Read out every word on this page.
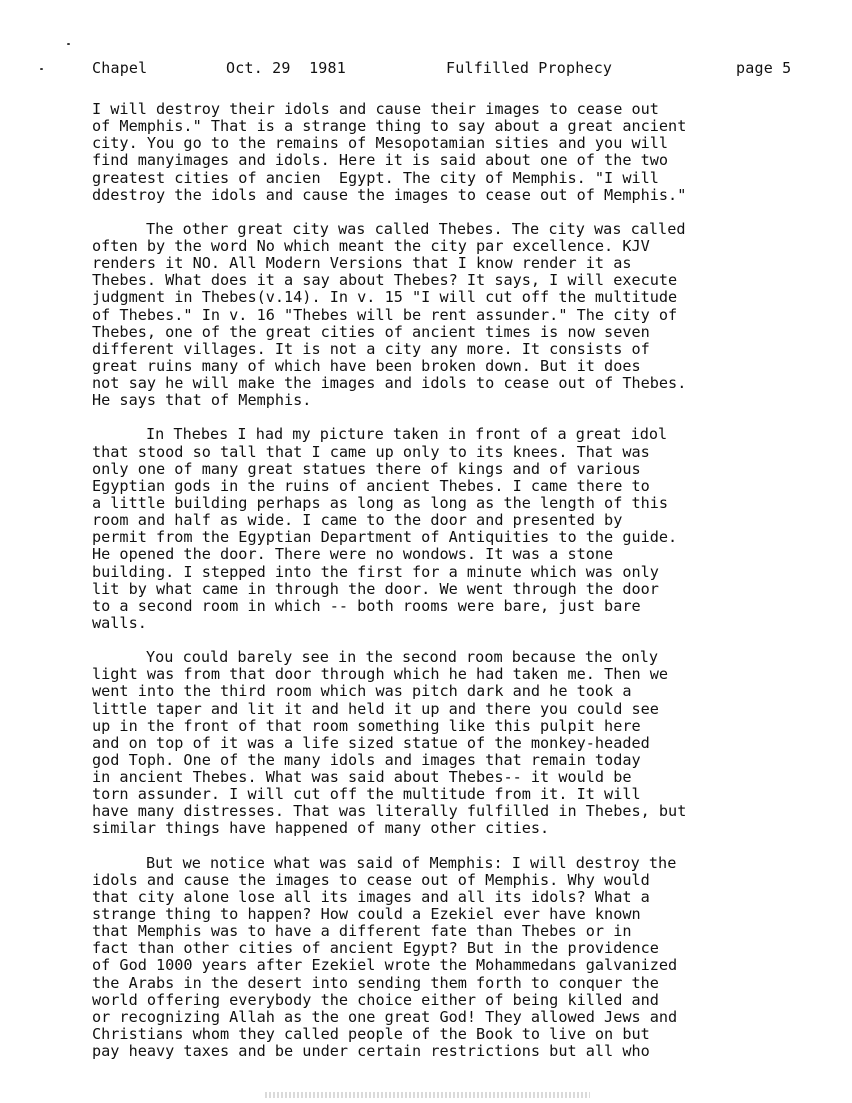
Chapel	Oct. 29  1981	Fulfilled Prophecy	page 5
I will destroy their idols and cause their images to cease out
of Memphis." That is a strange thing to say about a great ancient
city. You go to the remains of Mesopotamian sities and you will
find manyimages and idols. Here it is said about one of the two
greatest cities of ancien  Egypt. The city of Memphis. "I will
ddestroy the idols and cause the images to cease out of Memphis."
The other great city was called Thebes. The city was called
often by the word No which meant the city par excellence. KJV
renders it NO. All Modern Versions that I know render it as
Thebes. What does it a say about Thebes? It says, I will execute
judgment in Thebes(v.14). In v. 15 "I will cut off the multitude
of Thebes." In v. 16 "Thebes will be rent assunder." The city of
Thebes, one of the great cities of ancient times is now seven
different villages. It is not a city any more. It consists of
great ruins many of which have been broken down. But it does
not say he will make the images and idols to cease out of Thebes.
He says that of Memphis.
In Thebes I had my picture taken in front of a great idol
that stood so tall that I came up only to its knees. That was
only one of many great statues there of kings and of various
Egyptian gods in the ruins of ancient Thebes. I came there to
a little building perhaps as long as long as the length of this
room and half as wide. I came to the door and presented by
permit from the Egyptian Department of Antiquities to the guide.
He opened the door. There were no wondows. It was a stone
building. I stepped into the first for a minute which was only
lit by what came in through the door. We went through the door
to a second room in which -- both rooms were bare, just bare
walls.
You could barely see in the second room because the only
light was from that door through which he had taken me. Then we
went into the third room which was pitch dark and he took a
little taper and lit it and held it up and there you could see
up in the front of that room something like this pulpit here
and on top of it was a life sized statue of the monkey-headed
god Toph. One of the many idols and images that remain today
in ancient Thebes. What was said about Thebes-- it would be
torn assunder. I will cut off the multitude from it. It will
have many distresses. That was literally fulfilled in Thebes, but
similar things have happened of many other cities.
But we notice what was said of Memphis: I will destroy the
idols and cause the images to cease out of Memphis. Why would
that city alone lose all its images and all its idols? What a
strange thing to happen? How could a Ezekiel ever have known
that Memphis was to have a different fate than Thebes or in
fact than other cities of ancient Egypt? But in the providence
of God 1000 years after Ezekiel wrote the Mohammedans galvanized
the Arabs in the desert into sending them forth to conquer the
world offering everybody the choice either of being killed and
or recognizing Allah as the one great God! They allowed Jews and
Christians whom they called people of the Book to live on but
pay heavy taxes and be under certain restrictions but all who
